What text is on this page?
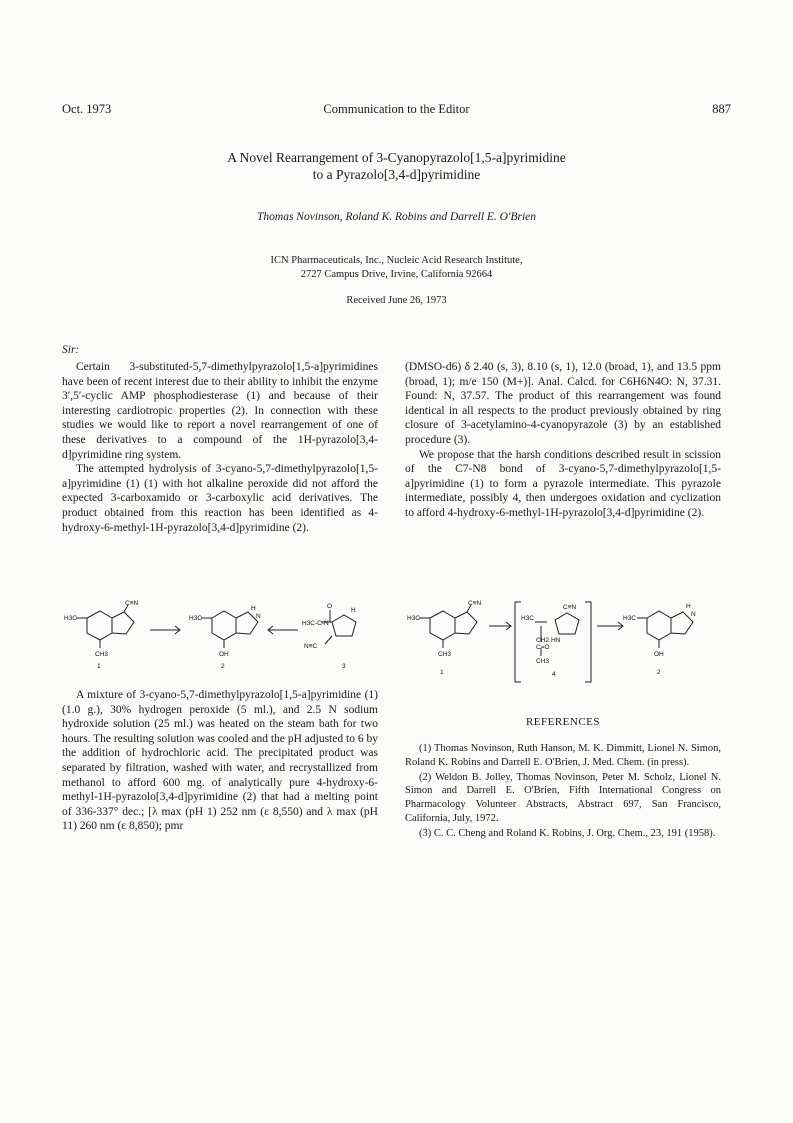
Oct. 1973	Communication to the Editor	887
A Novel Rearrangement of 3-Cyanopyrazolo[1,5-a]pyrimidine
to a Pyrazolo[3,4-d]pyrimidine
Thomas Novinson, Roland K. Robins and Darrell E. O'Brien
ICN Pharmaceuticals, Inc., Nucleic Acid Research Institute,
2727 Campus Drive, Irvine, California 92664
Received June 26, 1973
Sir:

Certain 3-substituted-5,7-dimethylpyrazolo[1,5-a]pyrimidines have been of recent interest due to their ability to inhibit the enzyme 3′,5′-cyclic AMP phosphodiesterase (1) and because of their interesting cardiotropic properties (2). In connection with these studies we would like to report a novel rearrangement of one of these derivatives to a compound of the 1H-pyrazolo[3,4-d]pyrimidine ring system.

The attempted hydrolysis of 3-cyano-5,7-dimethylpyrazolo[1,5-a]pyrimidine (1) (1) with hot alkaline peroxide did not afford the expected 3-carboxamido or 3-carboxylic acid derivatives. The product obtained from this reaction has been identified as 4-hydroxy-6-methyl-1H-pyrazolo[3,4-d]pyrimidine (2).

(DMSO-d6) δ 2.40 (s, 3), 8.10 (s, 1), 12.0 (broad, 1), and 13.5 ppm (broad, 1); m/e 150 (M+)]. Anal. Calcd. for C6H6N4O: N, 37.31. Found: N, 37.57. The product of this rearrangement was found identical in all respects to the product previously obtained by ring closure of 3-acetylamino-4-cyanopyrazole (3) by an established procedure (3).

We propose that the harsh conditions described result in scission of the C7-N8 bond of 3-cyano-5,7-dimethylpyrazolo[1,5-a]pyrimidine (1) to form a pyrazole intermediate. This pyrazole intermediate, possibly 4, then undergoes oxidation and cyclization to afford 4-hydroxy-6-methyl-1H-pyrazolo[3,4-d]pyrimidine (2).

H3C
CH3
C≡N
H3C
OH
H
N
H3C-C-N
O
H
N≡C
1	2	3
H3C
CH3
C≡N
H3C
C≡N
CH2 HN
C=O
CH3
H3C
OH
H
N
1	4	2

A mixture of 3-cyano-5,7-dimethylpyrazolo[1,5-a]pyrimidine (1) (1.0 g.), 30% hydrogen peroxide (5 ml.), and 2.5 N sodium hydroxide solution (25 ml.) was heated on the steam bath for two hours. The resulting solution was cooled and the pH adjusted to 6 by the addition of hydrochloric acid. The precipitated product was separated by filtration, washed with water, and recrystallized from methanol to afford 600 mg. of analytically pure 4-hydroxy-6-methyl-1H-pyrazolo[3,4-d]pyrimidine (2) that had a melting point of 336-337° dec.; [λ max (pH 1) 252 nm (ε 8,550) and λ max (pH 11) 260 nm (ε 8,850); pmr

REFERENCES

(1) Thomas Novinson, Ruth Hanson, M. K. Dimmitt, Lionel N. Simon, Roland K. Robins and Darrell E. O'Brien, J. Med. Chem. (in press).

(2) Weldon B. Jolley, Thomas Novinson, Peter M. Scholz, Lionel N. Simon and Darrell E. O'Brien, Fifth International Congress on Pharmacology Volunteer Abstracts, Abstract 697, San Francisco, California, July, 1972.

(3) C. C. Cheng and Roland K. Robins, J. Org. Chem., 23, 191 (1958).
